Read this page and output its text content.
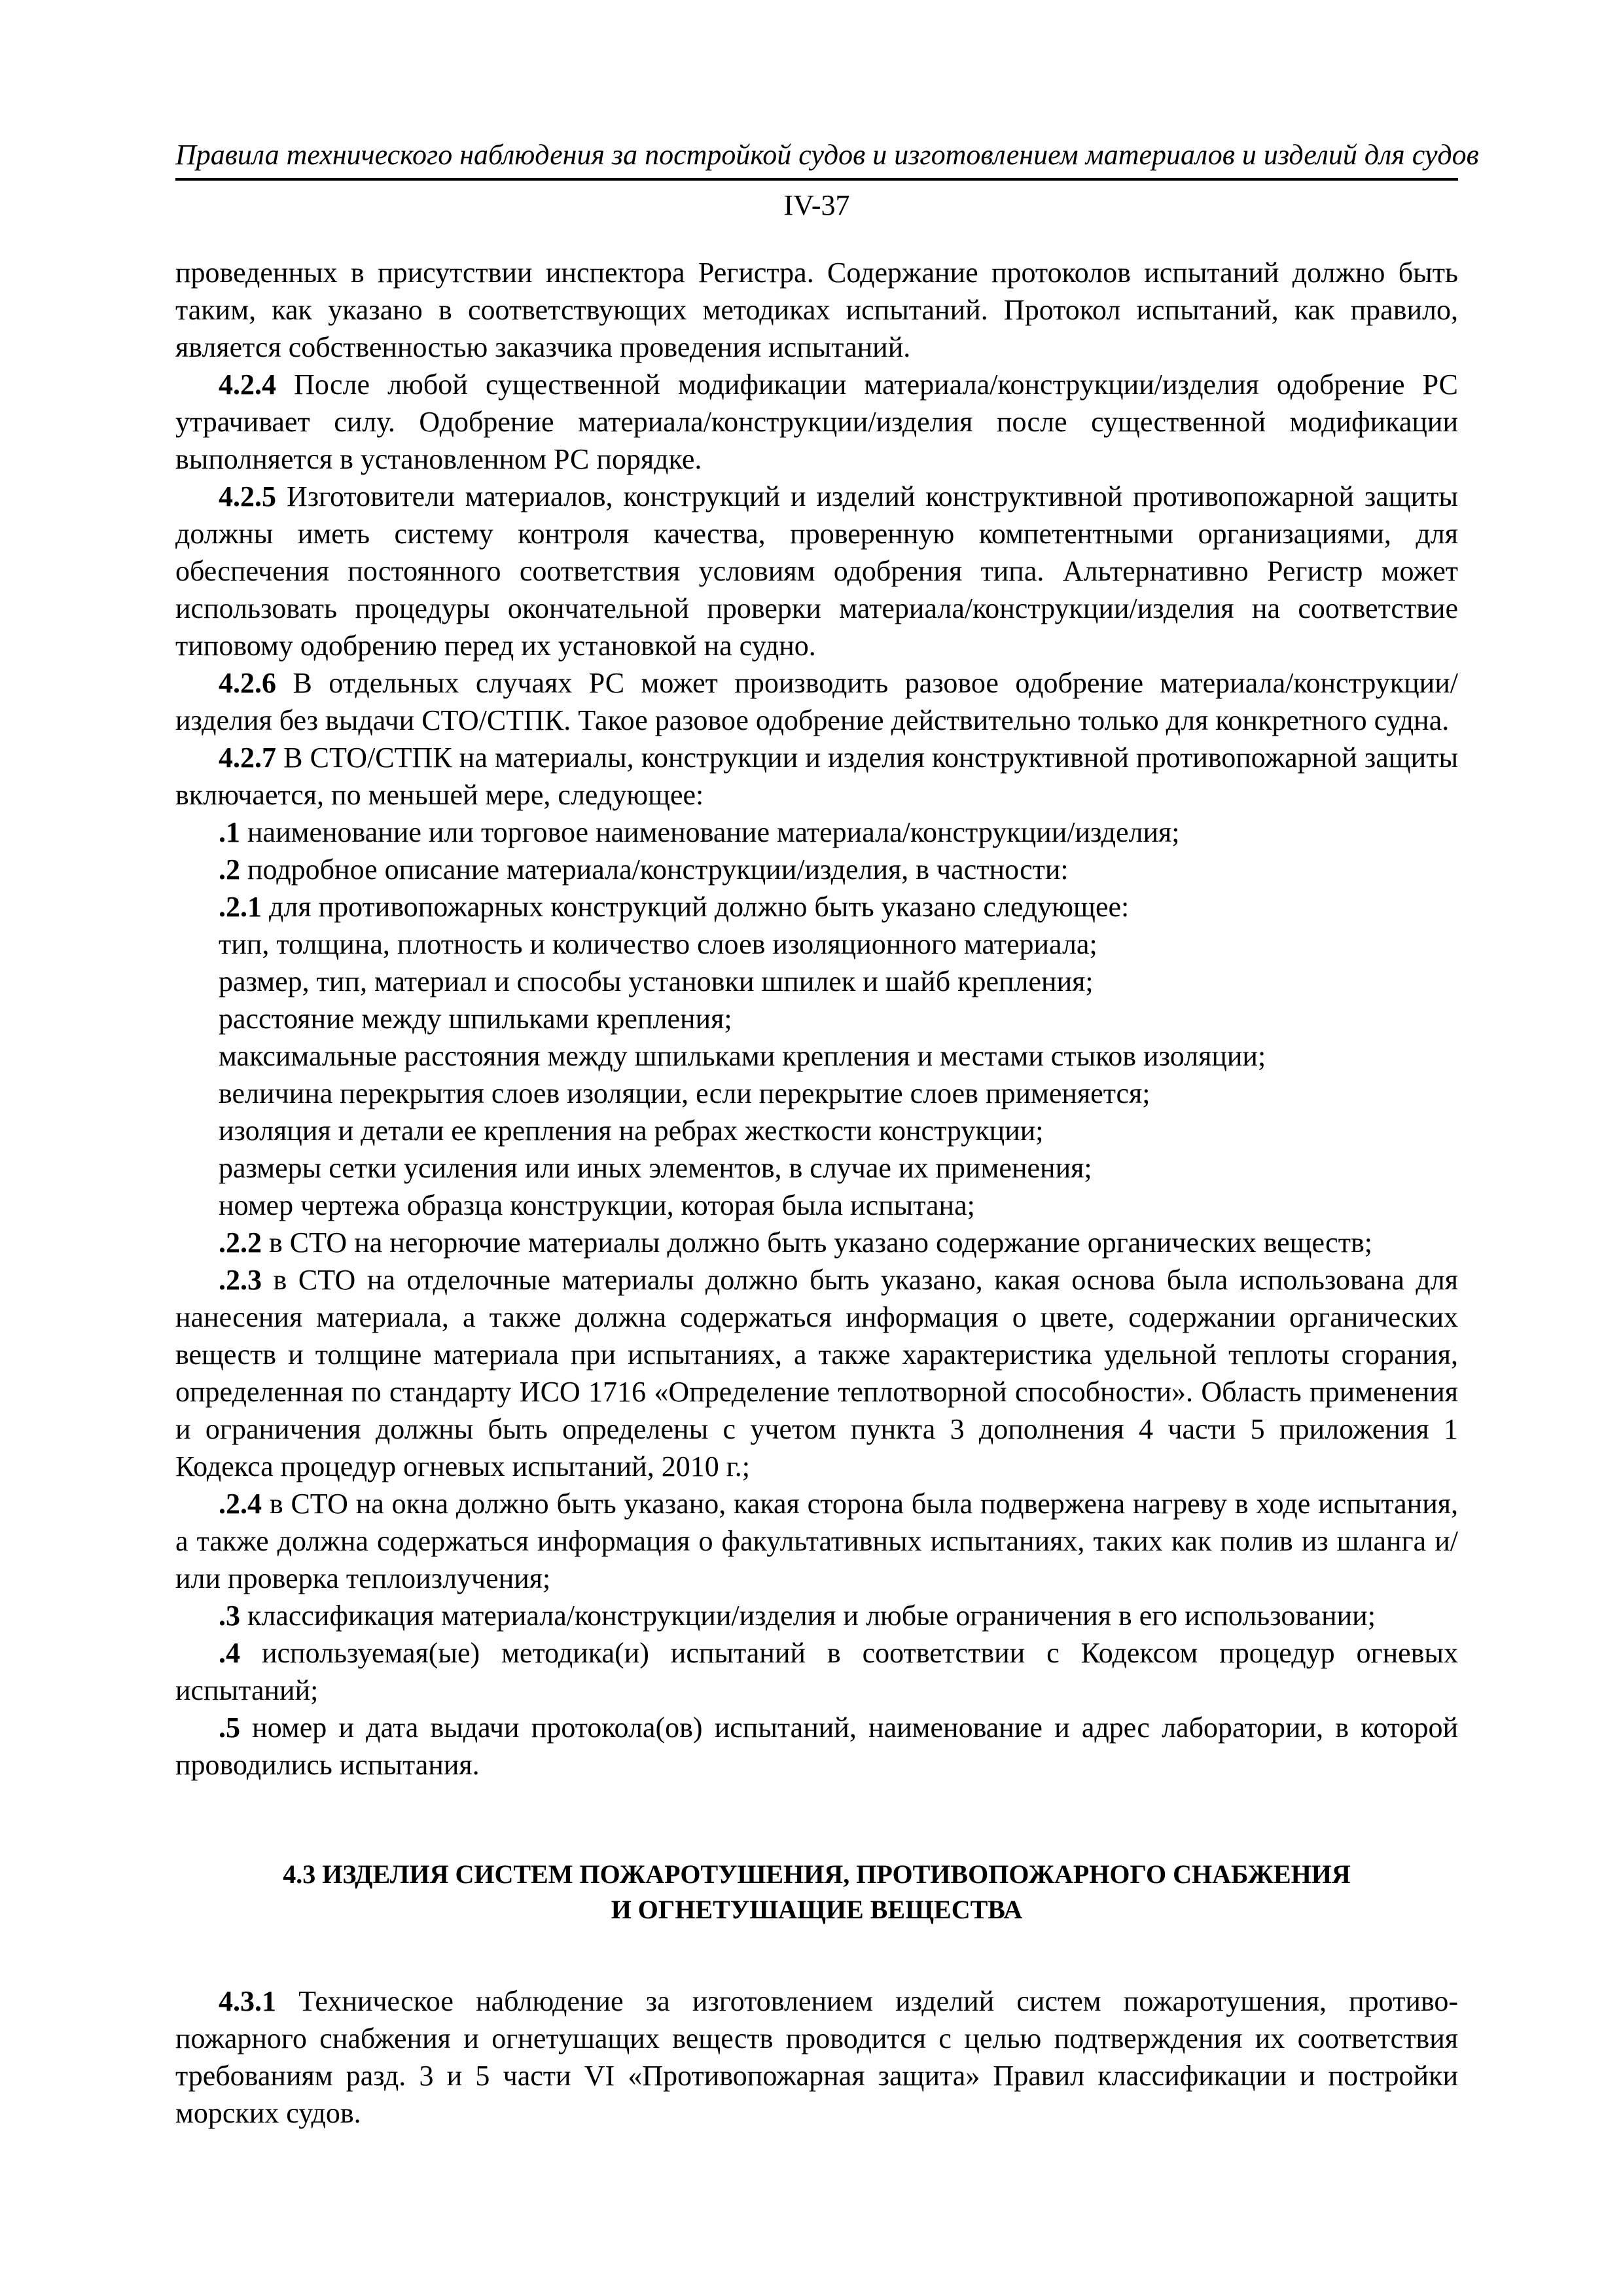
Правила технического наблюдения за постройкой судов и изготовлением материалов и изделий для судов
IV-37

проведенных в присутствии инспектора Регистра. Содержание протоколов испытаний должно быть таким, как указано в соответствующих методиках испытаний. Протокол испытаний, как правило, является собственностью заказчика проведения испытаний.

4.2.4 После любой существенной модификации материала/конструкции/изделия одобрение РС утрачивает силу. Одобрение материала/конструкции/изделия после существенной модификации выполняется в установленном РС порядке.

4.2.5 Изготовители материалов, конструкций и изделий конструктивной противопожарной защиты должны иметь систему контроля качества, проверенную компетентными организациями, для обеспечения постоянного соответствия условиям одобрения типа. Альтернативно Регистр может использовать процедуры окончательной проверки материала/конструкции/изделия на соответствие типовому одобрению перед их установкой на судно.

4.2.6 В отдельных случаях РС может производить разовое одобрение материала/конструкции/ изделия без выдачи СТО/СТПК. Такое разовое одобрение действительно только для конкретного судна.

4.2.7 В СТО/СТПК на материалы, конструкции и изделия конструктивной противопожарной защиты включается, по меньшей мере, следующее:

.1 наименование или торговое наименование материала/конструкции/изделия;

.2 подробное описание материала/конструкции/изделия, в частности:

.2.1 для противопожарных конструкций должно быть указано следующее:

тип, толщина, плотность и количество слоев изоляционного материала;

размер, тип, материал и способы установки шпилек и шайб крепления;

расстояние между шпильками крепления;

максимальные расстояния между шпильками крепления и местами стыков изоляции;

величина перекрытия слоев изоляции, если перекрытие слоев применяется;

изоляция и детали ее крепления на ребрах жесткости конструкции;

размеры сетки усиления или иных элементов, в случае их применения;

номер чертежа образца конструкции, которая была испытана;

.2.2 в СТО на негорючие материалы должно быть указано содержание органических веществ;

.2.3 в СТО на отделочные материалы должно быть указано, какая основа была использована для нанесения материала, а также должна содержаться информация о цвете, содержании органических веществ и толщине материала при испытаниях, а также характеристика удельной теплоты сгорания, определенная по стандарту ИСО 1716 «Определение теплотворной способности». Область применения и ограничения должны быть определены с учетом пункта 3 дополнения 4 части 5 приложения 1 Кодекса процедур огневых испытаний, 2010 г.;

.2.4 в СТО на окна должно быть указано, какая сторона была подвержена нагреву в ходе испытания, а также должна содержаться информация о факультативных испытаниях, таких как полив из шланга и/или проверка теплоизлучения;

.3 классификация материала/конструкции/изделия и любые ограничения в его использовании;

.4 используемая(ые) методика(и) испытаний в соответствии с Кодексом процедур огневых испытаний;

.5 номер и дата выдачи протокола(ов) испытаний, наименование и адрес лаборатории, в которой проводились испытания.

4.3 ИЗДЕЛИЯ СИСТЕМ ПОЖАРОТУШЕНИЯ, ПРОТИВОПОЖАРНОГО СНАБЖЕНИЯ
И ОГНЕТУШАЩИЕ ВЕЩЕСТВА

4.3.1 Техническое наблюдение за изготовлением изделий систем пожаротушения, противо-пожарного снабжения и огнетушащих веществ проводится с целью подтверждения их соответствия требованиям разд. 3 и 5 части VI «Противопожарная защита» Правил классификации и постройки морских судов.
